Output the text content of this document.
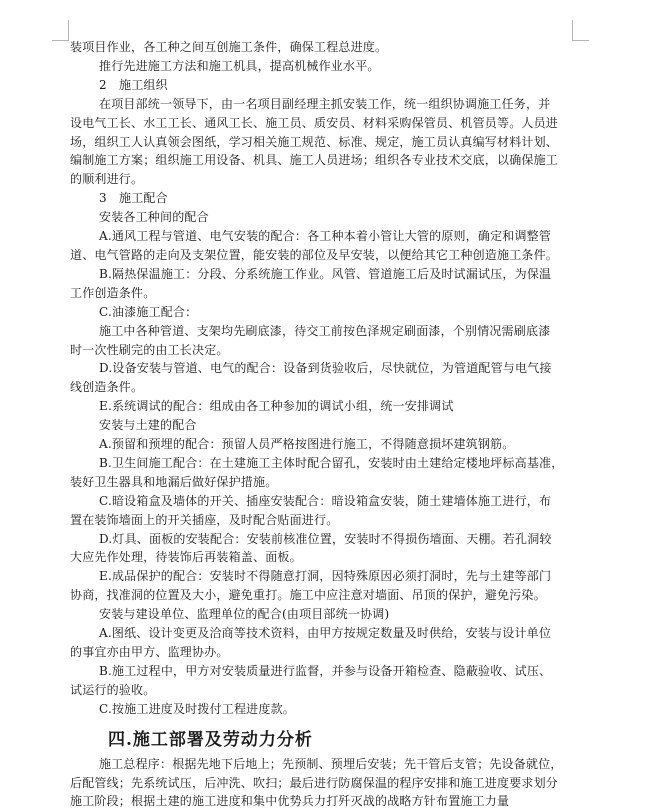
装项目作业，各工种之间互创施工条件，确保工程总进度。

推行先进施工方法和施工机具，提高机械作业水平。

2　施工组织

在项目部统一领导下，由一名项目副经理主抓安装工作，统一组织协调施工任务，并

设电气工长、水工工长、通风工长、施工员、质安员、材料采购保管员、机管员等。人员进

场，组织工人认真领会图纸，学习相关施工规范、标准、规定，施工员认真编写材料计划、

编制施工方案；组织施工用设备、机具、施工人员进场；组织各专业技术交底，以确保施工

的顺利进行。

3　施工配合

安装各工种间的配合

A.通风工程与管道、电气安装的配合：各工种本着小管让大管的原则，确定和调整管

道、电气管路的走向及支架位置，能安装的部位及早安装，以便给其它工种创造施工条件。

B.隔热保温施工：分段、分系统施工作业。风管、管道施工后及时试漏试压，为保温

工作创造条件。

C.油漆施工配合：

施工中各种管道、支架均先刷底漆，待交工前按色泽规定刷面漆，个别情况需刷底漆

时一次性刷完的由工长决定。

D.设备安装与管道、电气的配合：设备到货验收后，尽快就位，为管道配管与电气接

线创造条件。

E.系统调试的配合：组成由各工种参加的调试小组，统一安排调试

安装与土建的配合

A.预留和预埋的配合：预留人员严格按图进行施工，不得随意损坏建筑钢筋。

B.卫生间施工配合：在土建施工主体时配合留孔，安装时由土建给定楼地坪标高基准，

装好卫生器具和地漏后做好保护措施。

C.暗设箱盒及墙体的开关、插座安装配合：暗设箱盒安装，随土建墙体施工进行，布

置在装饰墙面上的开关插座，及时配合贴面进行。

D.灯具、面板的安装配合：安装前核准位置，安装时不得损伤墙面、天棚。若孔洞较

大应先作处理，待装饰后再装箱盖、面板。

E.成品保护的配合：安装时不得随意打洞，因特殊原因必须打洞时，先与土建等部门

协商，找准洞的位置及大小，避免重打。施工中应注意对墙面、吊顶的保护，避免污染。

安装与建设单位、监理单位的配合(由项目部统一协调)

A.图纸、设计变更及洽商等技术资料，由甲方按规定数量及时供给，安装与设计单位

的事宜亦由甲方、监理协办。

B.施工过程中，甲方对安装质量进行监督，并参与设备开箱检查、隐蔽验收、试压、

试运行的验收。

C.按施工进度及时拨付工程进度款。

四.施工部署及劳动力分析

施工总程序：根据先地下后地上；先预制、预埋后安装；先干管后支管；先设备就位，

后配管线；先系统试压，后冲洗、吹扫；最后进行防腐保温的程序安排和施工进度要求划分

施工阶段；根据土建的施工进度和集中优势兵力打歼灭战的战略方针布置施工力量
